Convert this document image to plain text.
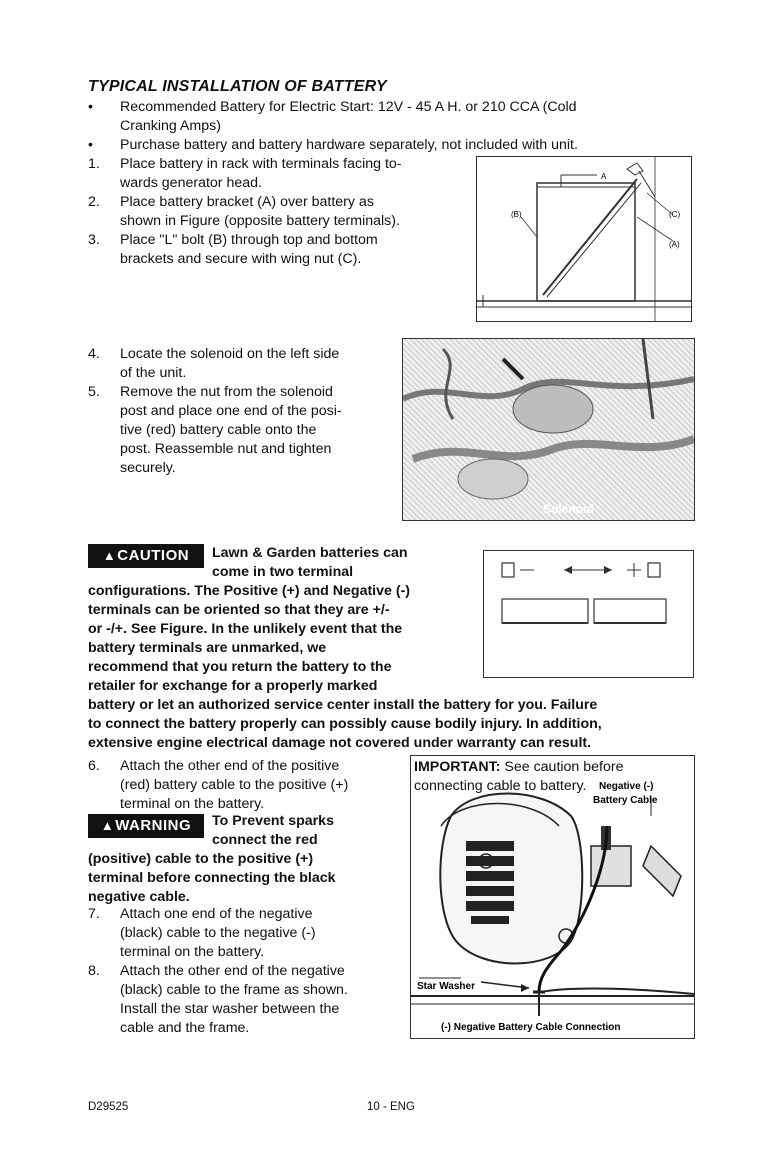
TYPICAL INSTALLATION OF BATTERY
• Recommended Battery for Electric Start: 12V - 45 A H. or 210 CCA (Cold
Cranking Amps)
• Purchase battery and battery hardware separately, not included with unit.
1. Place battery in rack with terminals facing to-
wards generator head.
2. Place battery bracket (A) over battery as
shown in Figure (opposite battery terminals).
3. Place "L" bolt (B) through top and bottom
brackets and secure with wing nut (C).
A
(B)	(C)
(A)
4. Locate the solenoid on the left side
of the unit.
5. Remove the nut from the solenoid
post and place one end of the posi-
tive (red) battery cable onto the
post. Reassemble nut and tighten
securely.
Solenoid
▲CAUTION	Lawn & Garden batteries can
come in two terminal
configurations. The Positive (+) and Negative (-)
terminals can be oriented so that they are +/-
or -/+. See Figure. In the unlikely event that the
battery terminals are unmarked, we
recommend that you return the battery to the
retailer for exchange for a properly marked
battery or let an authorized service center install the battery for you. Failure
to connect the battery properly can possibly cause bodily injury. In addition,
extensive engine electrical damage not covered under warranty can result.
6. Attach the other end of the positive
(red) battery cable to the positive (+)
terminal on the battery.
▲WARNING	To Prevent sparks
connect the red
(positive) cable to the positive (+)
terminal before connecting the black
negative cable.
7. Attach one end of the negative
(black) cable to the negative (-)
terminal on the battery.
8. Attach the other end of the negative
(black) cable to the frame as shown.
Install the star washer between the
cable and the frame.
IMPORTANT: See caution before
connecting cable to battery.	Negative (-)
Battery Cable
Star Washer
(-) Negative Battery Cable Connection
D29525	10 - ENG
